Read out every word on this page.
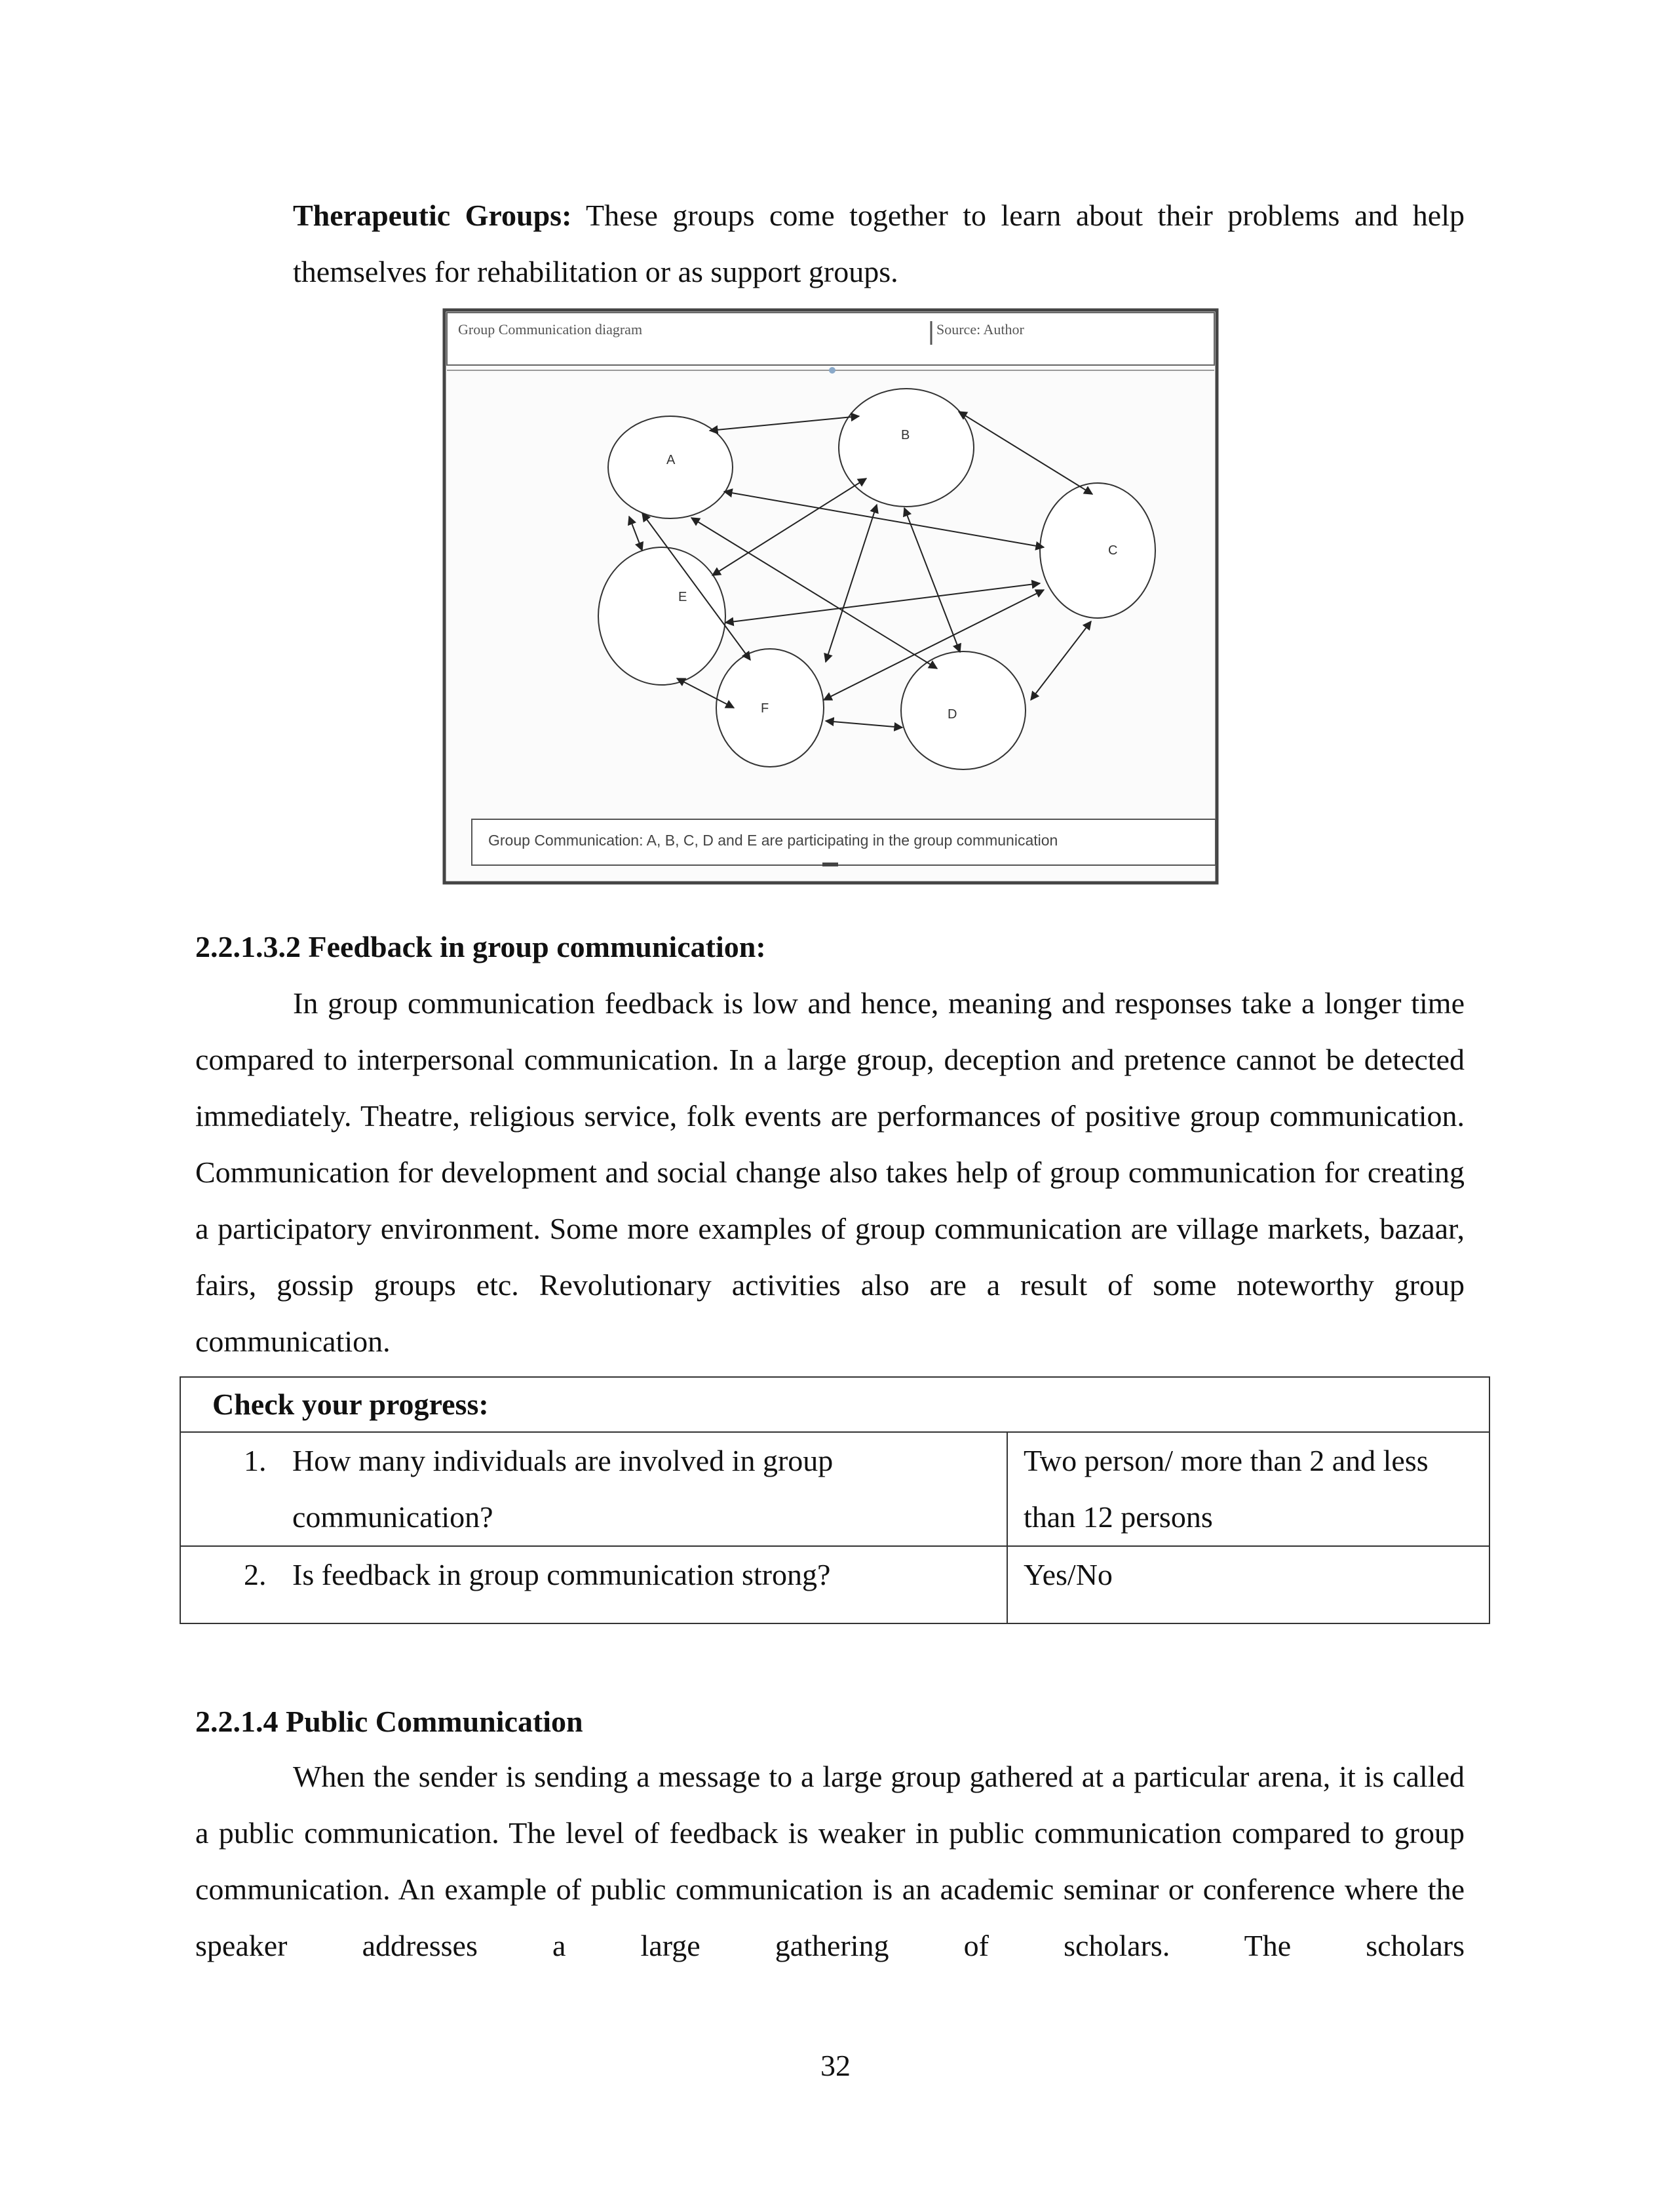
Therapeutic Groups: These groups come together to learn about their problems and help themselves for rehabilitation or as support groups.

Group Communication diagram	Source: Author
A
B
C
E
F	D
Group Communication: A, B, C, D and E are participating in the group communication
2.2.1.3.2 Feedback in group communication:

In group communication feedback is low and hence, meaning and responses take a longer time compared to interpersonal communication. In a large group, deception and pretence cannot be detected immediately. Theatre, religious service, folk events are performances of positive group communication. Communication for development and social change also takes help of group communication for creating a participatory environment. Some more examples of group communication are village markets, bazaar, fairs, gossip groups etc. Revolutionary activities also are a result of some noteworthy group communication.

Check your progress:	

1. How many individuals are involved in group communication?	Two person/ more than 2 and less than 12 persons

2. Is feedback in group communication strong?	Yes/No
2.2.1.4 Public Communication

When the sender is sending a message to a large group gathered at a particular arena, it is called a public communication. The level of feedback is weaker in public communication compared to group communication. An example of public communication is an academic seminar or conference where the speaker addresses a large gathering of scholars. The scholars

32
